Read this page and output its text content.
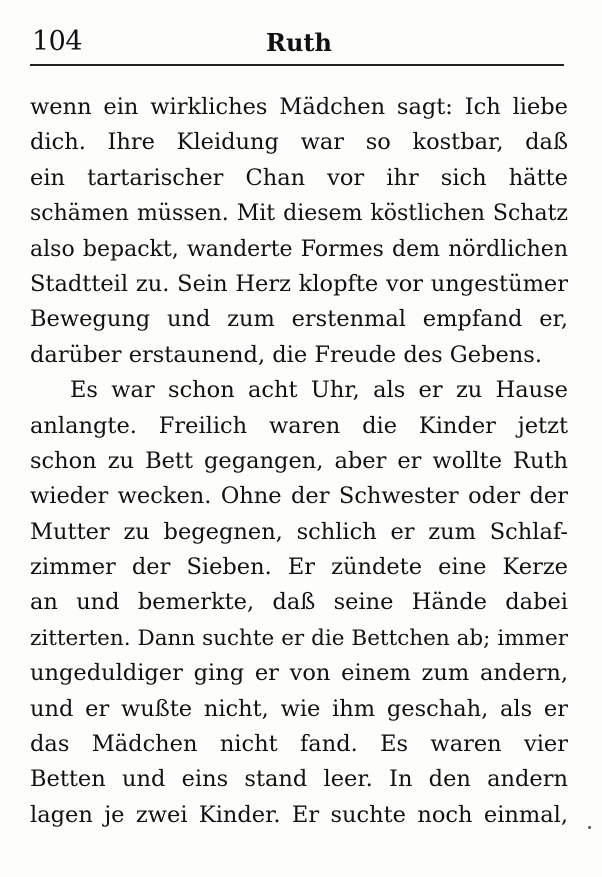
104	Ruth
wenn ein wirkliches Mädchen sagt: Ich liebe
dich. Ihre Kleidung war so kostbar, daß
ein tartarischer Chan vor ihr sich hätte
schämen müssen. Mit diesem köstlichen Schatz
also bepackt, wanderte Formes dem nördlichen
Stadtteil zu. Sein Herz klopfte vor ungestümer
Bewegung und zum erstenmal empfand er,
darüber erstaunend, die Freude des Gebens.
Es war schon acht Uhr, als er zu Hause
anlangte. Freilich waren die Kinder jetzt
schon zu Bett gegangen, aber er wollte Ruth
wieder wecken. Ohne der Schwester oder der
Mutter zu begegnen, schlich er zum Schlaf-
zimmer der Sieben. Er zündete eine Kerze
an und bemerkte, daß seine Hände dabei
zitterten. Dann suchte er die Bettchen ab; immer
ungeduldiger ging er von einem zum andern,
und er wußte nicht, wie ihm geschah, als er
das Mädchen nicht fand. Es waren vier
Betten und eins stand leer. In den andern
lagen je zwei Kinder. Er suchte noch einmal,
